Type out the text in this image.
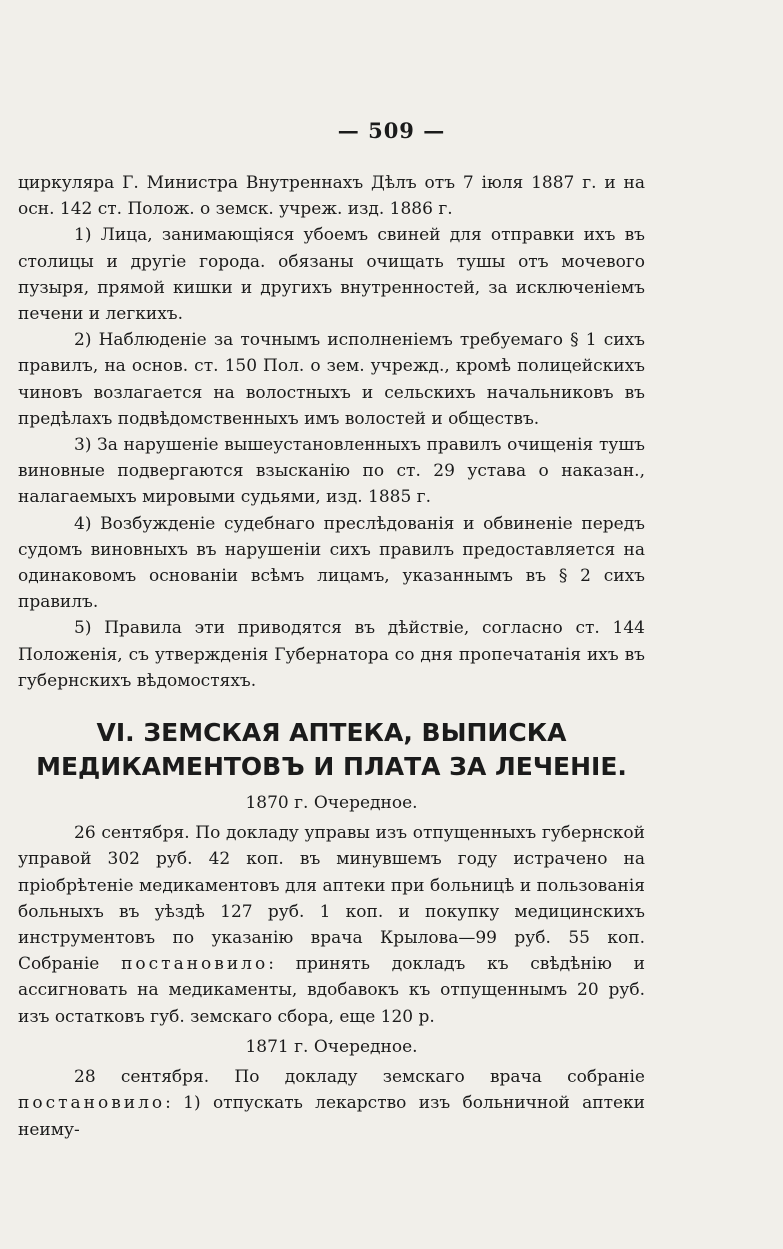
— 509 —

циркуляра Г. Министра Внутреннахъ Дѣлъ отъ 7 іюля 1887 г. и на осн. 142 ст. Полож. о земск. учреж. изд. 1886 г.

1) Лица, занимающіяся убоемъ свиней для отправки ихъ въ столицы и другіе города. обязаны очищать тушы отъ мочевого пузыря, прямой кишки и другихъ внутренностей, за исключеніемъ печени и легкихъ.

2) Наблюденіе за точнымъ исполненіемъ требуемаго § 1 сихъ правилъ, на основ. ст. 150 Пол. о зем. учрежд., кромѣ полицейскихъ чиновъ возлагается на волостныхъ и сельскихъ начальниковъ въ предѣлахъ подвѣдомственныхъ имъ волостей и обществъ.

3) За нарушеніе вышеустановленныхъ правилъ очищенія тушъ виновные подвергаются взысканію по ст. 29 устава о наказан., налагаемыхъ мировыми судьями, изд. 1885 г.

4) Возбужденіе судебнаго преслѣдованія и обвиненіе передъ судомъ виновныхъ въ нарушеніи сихъ правилъ предоставляется на одинаковомъ основаніи всѣмъ лицамъ, указаннымъ въ § 2 сихъ правилъ.

5) Правила эти приводятся въ дѣйствіе, согласно ст. 144 Положенія, съ утвержденія Губернатора со дня пропечатанія ихъ въ губернскихъ вѣдомостяхъ.

VI. ЗЕМСКАЯ АПТЕКА, ВЫПИСКА МЕДИКАМЕНТОВЪ И ПЛАТА ЗА ЛЕЧЕНІЕ.

1870 г. Очередное.

26 сентября. По докладу управы изъ отпущенныхъ губернской управой 302 руб. 42 коп. въ минувшемъ году истрачено на пріобрѣтеніе медикаментовъ для аптеки при больницѣ и пользованія больныхъ въ уѣздѣ 127 руб. 1 коп. и покупку медицинскихъ инструментовъ по указанію врача Крылова—99 руб. 55 коп. Собраніе постановило: принять докладъ къ свѣдѣнію и ассигновать на медикаменты, вдобавокъ къ отпущеннымъ 20 руб. изъ остатковъ губ. земскаго сбора, еще 120 р.

1871 г. Очередное.

28 сентября. По докладу земскаго врача собраніе постановило: 1) отпускать лекарство изъ больничной аптеки неиму-
